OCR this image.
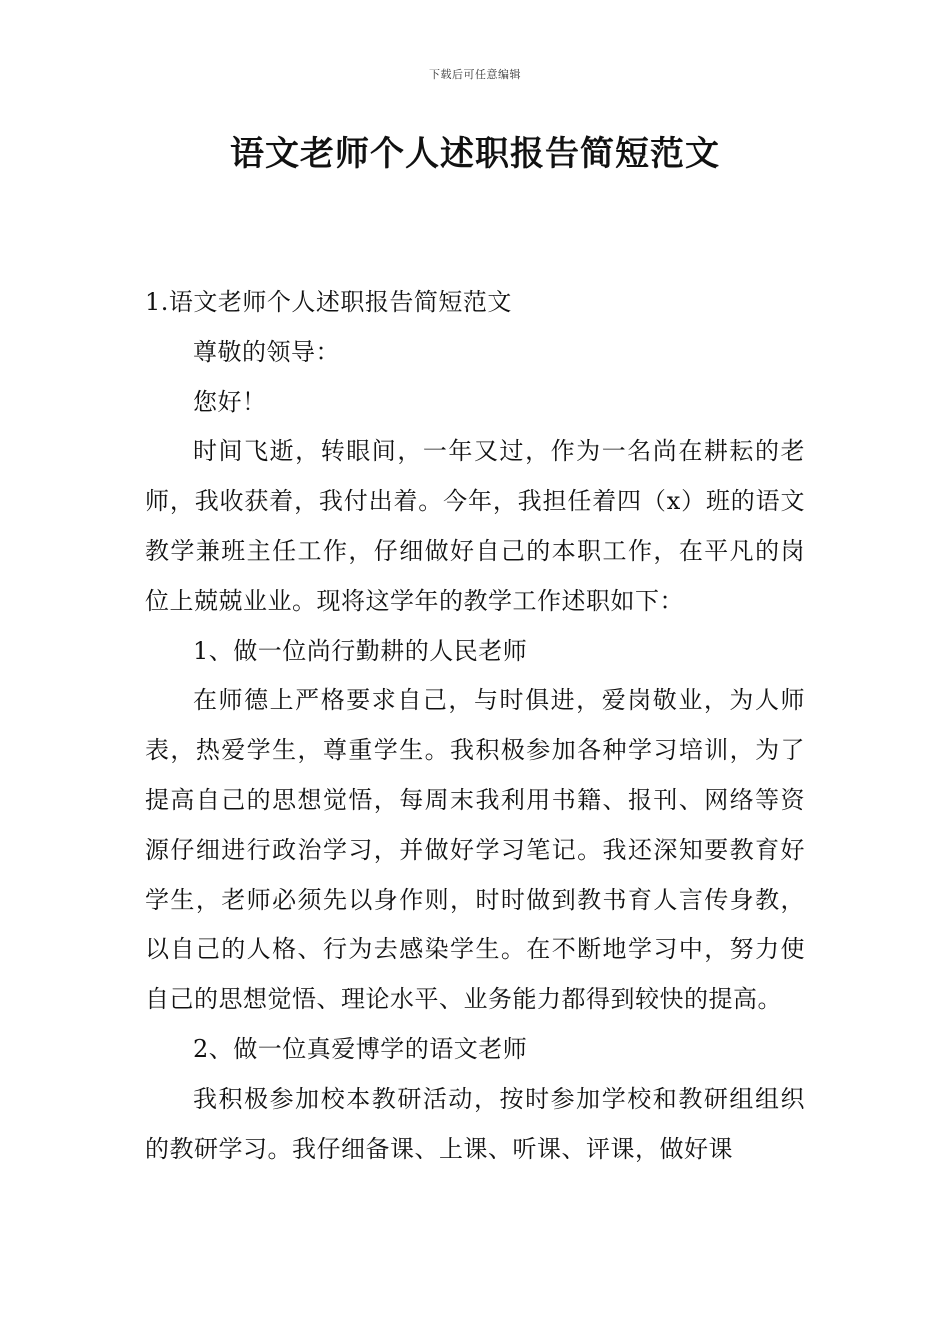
下载后可任意编辑
语文老师个人述职报告简短范文

1.语文老师个人述职报告简短范文

尊敬的领导：

您好！

时间飞逝，转眼间，一年又过，作为一名尚在耕耘的老师，我收获着，我付出着。今年，我担任着四（x）班的语文教学兼班主任工作，仔细做好自己的本职工作，在平凡的岗位上兢兢业业。现将这学年的教学工作述职如下：

1、做一位尚行勤耕的人民老师

在师德上严格要求自己，与时俱进，爱岗敬业，为人师表，热爱学生，尊重学生。我积极参加各种学习培训，为了提高自己的思想觉悟，每周末我利用书籍、报刊、网络等资源仔细进行政治学习，并做好学习笔记。我还深知要教育好学生，老师必须先以身作则，时时做到教书育人言传身教，以自己的人格、行为去感染学生。在不断地学习中，努力使自己的思想觉悟、理论水平、业务能力都得到较快的提高。

2、做一位真爱博学的语文老师

我积极参加校本教研活动，按时参加学校和教研组组织的教研学习。我仔细备课、上课、听课、评课，做好课
